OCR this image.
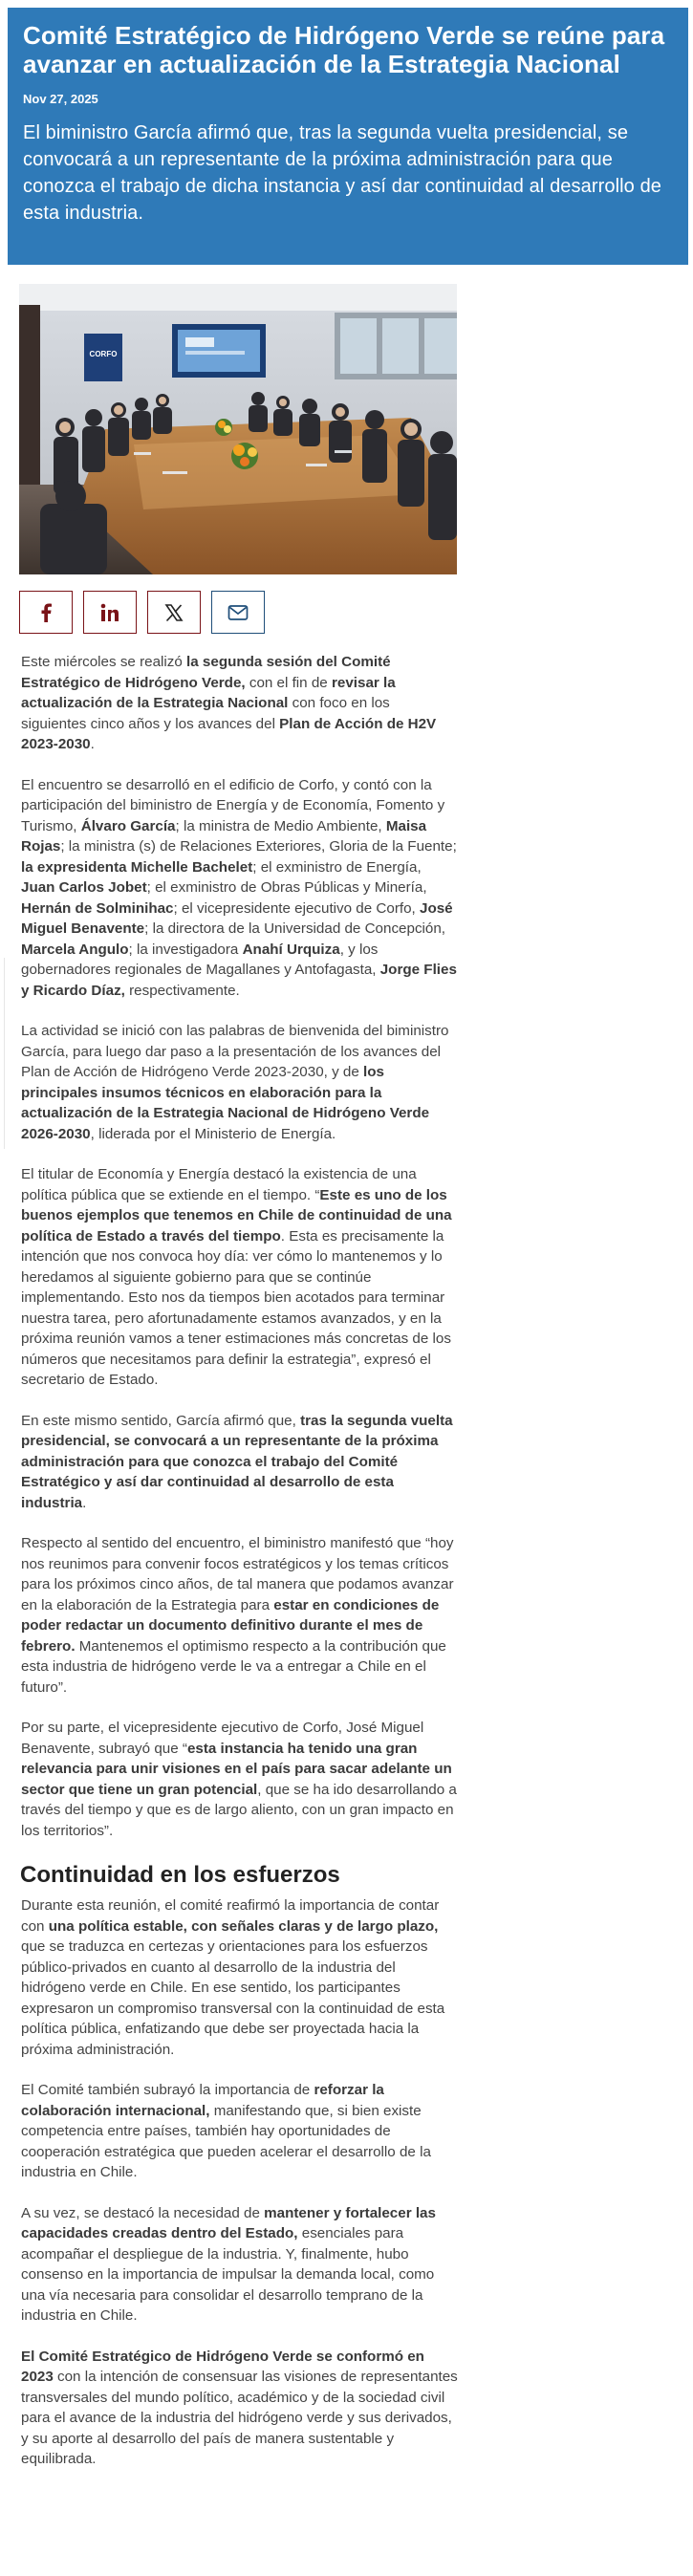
Comité Estratégico de Hidrógeno Verde se reúne para avanzar en actualización de la Estrategia Nacional
Nov 27, 2025
El biministro García afirmó que, tras la segunda vuelta presidencial, se convocará a un representante de la próxima administración para que conozca el trabajo de dicha instancia y así dar continuidad al desarrollo de esta industria.
CORFO

Este miércoles se realizó la segunda sesión del Comité Estratégico de Hidrógeno Verde, con el fin de revisar la actualización de la Estrategia Nacional con foco en los siguientes cinco años y los avances del Plan de Acción de H2V 2023-2030.

El encuentro se desarrolló en el edificio de Corfo, y contó con la participación del biministro de Energía y de Economía, Fomento y Turismo, Álvaro García; la ministra de Medio Ambiente, Maisa Rojas; la ministra (s) de Relaciones Exteriores, Gloria de la Fuente; la expresidenta Michelle Bachelet; el exministro de Energía, Juan Carlos Jobet; el exministro de Obras Públicas y Minería, Hernán de Solminihac; el vicepresidente ejecutivo de Corfo, José Miguel Benavente; la directora de la Universidad de Concepción, Marcela Angulo; la investigadora Anahí Urquiza, y los gobernadores regionales de Magallanes y Antofagasta, Jorge Flies y Ricardo Díaz, respectivamente.

La actividad se inició con las palabras de bienvenida del biministro García, para luego dar paso a la presentación de los avances del Plan de Acción de Hidrógeno Verde 2023-2030, y de los principales insumos técnicos en elaboración para la actualización de la Estrategia Nacional de Hidrógeno Verde 2026-2030, liderada por el Ministerio de Energía.

El titular de Economía y Energía destacó la existencia de una política pública que se extiende en el tiempo. “Este es uno de los buenos ejemplos que tenemos en Chile de continuidad de una política de Estado a través del tiempo. Esta es precisamente la intención que nos convoca hoy día: ver cómo lo mantenemos y lo heredamos al siguiente gobierno para que se continúe implementando. Esto nos da tiempos bien acotados para terminar nuestra tarea, pero afortunadamente estamos avanzados, y en la próxima reunión vamos a tener estimaciones más concretas de los números que necesitamos para definir la estrategia”, expresó el secretario de Estado.

En este mismo sentido, García afirmó que, tras la segunda vuelta presidencial, se convocará a un representante de la próxima administración para que conozca el trabajo del Comité Estratégico y así dar continuidad al desarrollo de esta industria.

Respecto al sentido del encuentro, el biministro manifestó que “hoy nos reunimos para convenir focos estratégicos y los temas críticos para los próximos cinco años, de tal manera que podamos avanzar en la elaboración de la Estrategia para estar en condiciones de poder redactar un documento definitivo durante el mes de febrero. Mantenemos el optimismo respecto a la contribución que esta industria de hidrógeno verde le va a entregar a Chile en el futuro”.

Por su parte, el vicepresidente ejecutivo de Corfo, José Miguel Benavente, subrayó que “esta instancia ha tenido una gran relevancia para unir visiones en el país para sacar adelante un sector que tiene un gran potencial, que se ha ido desarrollando a través del tiempo y que es de largo aliento, con un gran impacto en los territorios”.

Continuidad en los esfuerzos

Durante esta reunión, el comité reafirmó la importancia de contar con una política estable, con señales claras y de largo plazo, que se traduzca en certezas y orientaciones para los esfuerzos público-privados en cuanto al desarrollo de la industria del hidrógeno verde en Chile. En ese sentido, los participantes expresaron un compromiso transversal con la continuidad de esta política pública, enfatizando que debe ser proyectada hacia la próxima administración.

El Comité también subrayó la importancia de reforzar la colaboración internacional, manifestando que, si bien existe competencia entre países, también hay oportunidades de cooperación estratégica que pueden acelerar el desarrollo de la industria en Chile.

A su vez, se destacó la necesidad de mantener y fortalecer las capacidades creadas dentro del Estado, esenciales para acompañar el despliegue de la industria. Y, finalmente, hubo consenso en la importancia de impulsar la demanda local, como una vía necesaria para consolidar el desarrollo temprano de la industria en Chile.

El Comité Estratégico de Hidrógeno Verde se conformó en 2023 con la intención de consensuar las visiones de representantes transversales del mundo político, académico y de la sociedad civil para el avance de la industria del hidrógeno verde y sus derivados, y su aporte al desarrollo del país de manera sustentable y equilibrada.
